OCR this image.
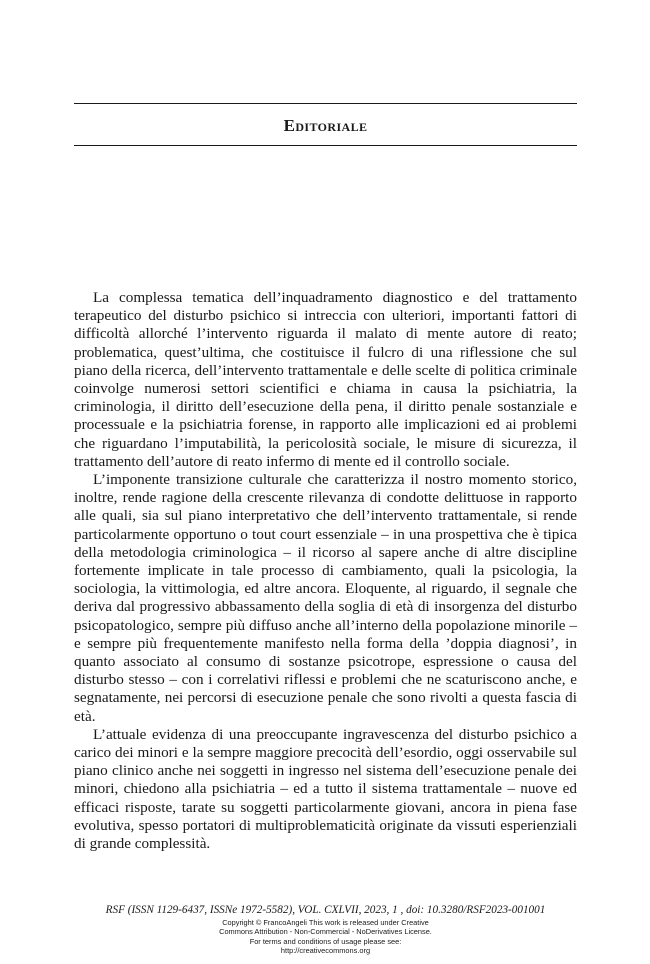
Editoriale

La complessa tematica dell’inquadramento diagnostico e del trattamento terapeutico del disturbo psichico si intreccia con ulteriori, importanti fattori di difficoltà allorché l’intervento riguarda il malato di mente autore di reato; problematica, quest’ultima, che costituisce il fulcro di una riflessione che sul piano della ricerca, dell’intervento trattamentale e delle scelte di politica criminale coinvolge numerosi settori scientifici e chiama in causa la psichiatria, la criminologia, il diritto dell’esecuzione della pena, il diritto penale sostanziale e processuale e la psichiatria forense, in rapporto alle implicazioni ed ai problemi che riguardano l’imputabilità, la pericolosità sociale, le misure di sicurezza, il trattamento dell’autore di reato infermo di mente ed il controllo sociale.

L’imponente transizione culturale che caratterizza il nostro momento storico, inoltre, rende ragione della crescente rilevanza di condotte delittuose in rapporto alle quali, sia sul piano interpretativo che dell’intervento trattamentale, si rende particolarmente opportuno o tout court essenziale – in una prospettiva che è tipica della metodologia criminologica – il ricorso al sapere anche di altre discipline fortemente implicate in tale processo di cambiamento, quali la psicologia, la sociologia, la vittimologia, ed altre ancora. Eloquente, al riguardo, il segnale che deriva dal progressivo abbassamento della soglia di età di insorgenza del disturbo psicopatologico, sempre più diffuso anche all’interno della popolazione minorile – e sempre più frequentemente manifesto nella forma della ’doppia diagnosi’, in quanto associato al consumo di sostanze psicotrope, espressione o causa del disturbo stesso – con i correlativi riflessi e problemi che ne scaturiscono anche, e segnatamente, nei percorsi di esecuzione penale che sono rivolti a questa fascia di età.

L’attuale evidenza di una preoccupante ingravescenza del disturbo psichico a carico dei minori e la sempre maggiore precocità dell’esordio, oggi osservabile sul piano clinico anche nei soggetti in ingresso nel sistema dell’esecuzione penale dei minori, chiedono alla psichiatria – ed a tutto il sistema trattamentale – nuove ed efficaci risposte, tarate su soggetti particolarmente giovani, ancora in piena fase evolutiva, spesso portatori di multiproblematicità originate da vissuti esperienziali di grande complessità.

RSF (ISSN 1129-6437, ISSNe 1972-5582), VOL. CXLVII, 2023, 1 , doi: 10.3280/RSF2023-001001
Copyright © FrancoAngeli This work is released under Creative
Commons Attribution - Non-Commercial - NoDerivatives License.
For terms and conditions of usage please see:
http://creativecommons.org
